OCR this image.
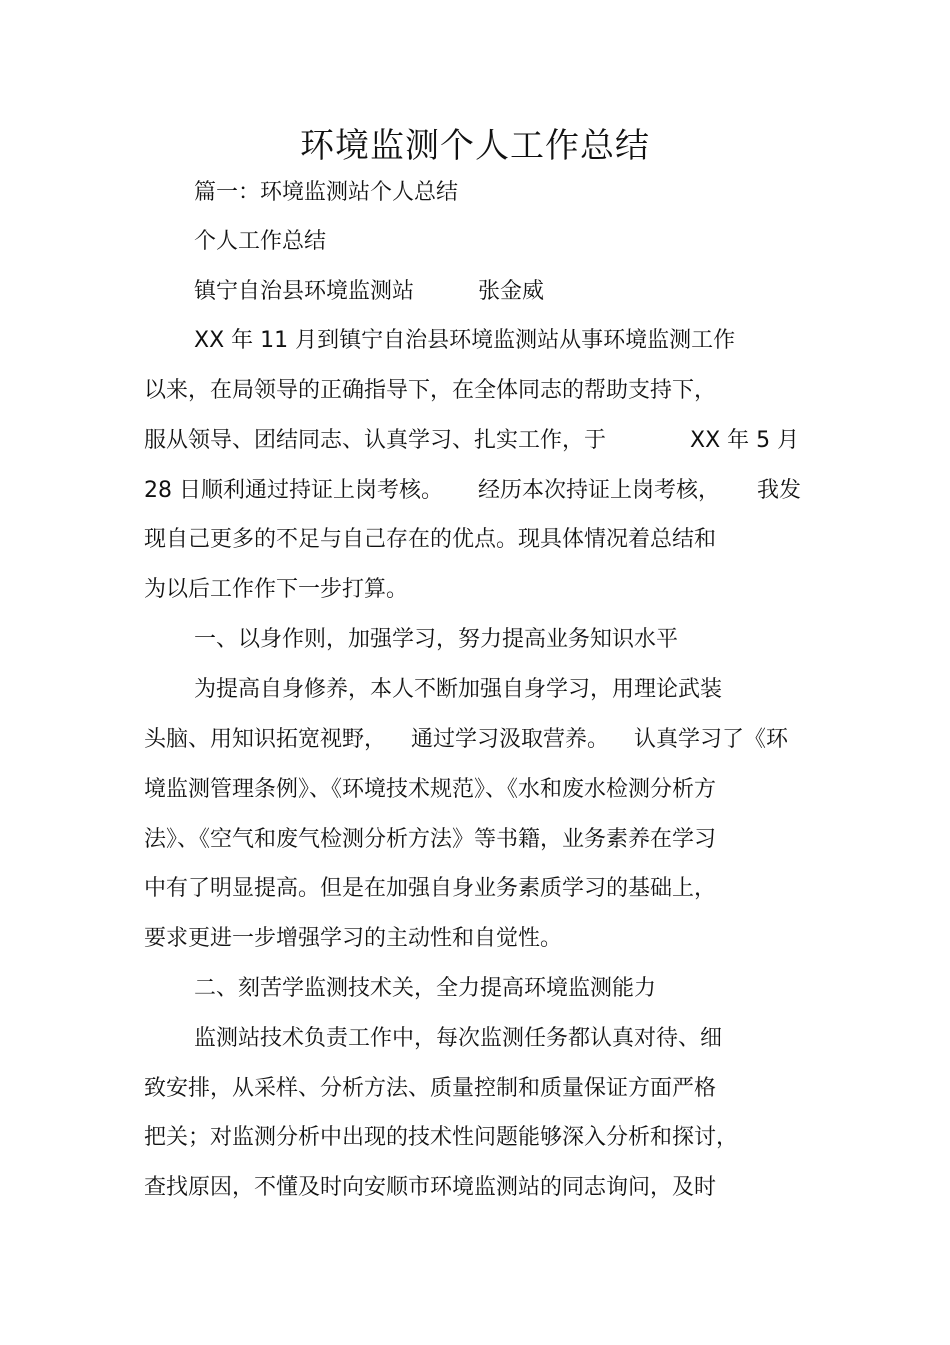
环境监测个人工作总结
篇一：环境监测站个人总结
个人工作总结
镇宁自治县环境监测站	张金威
XX 年 11 月到镇宁自治县环境监测站从事环境监测工作
以来，在局领导的正确指导下，在全体同志的帮助支持下，
服从领导、团结同志、认真学习、扎实工作，于	XX 年 5 月
28 日顺利通过持证上岗考核。 经历本次持证上岗考核， 我发
现自己更多的不足与自己存在的优点。现具体情况着总结和
为以后工作作下一步打算。
一、以身作则，加强学习，努力提高业务知识水平
为提高自身修养，本人不断加强自身学习，用理论武装
头脑、用知识拓宽视野， 通过学习汲取营养。 认真学习了《环
境监测管理条例》、《环境技术规范》、《水和废水检测分析方
法》、《空气和废气检测分析方法》等书籍，业务素养在学习
中有了明显提高。但是在加强自身业务素质学习的基础上，
要求更进一步增强学习的主动性和自觉性。
二、刻苦学监测技术关，全力提高环境监测能力
监测站技术负责工作中，每次监测任务都认真对待、细
致安排，从采样、分析方法、质量控制和质量保证方面严格
把关；对监测分析中出现的技术性问题能够深入分析和探讨，
查找原因，不懂及时向安顺市环境监测站的同志询问，及时
